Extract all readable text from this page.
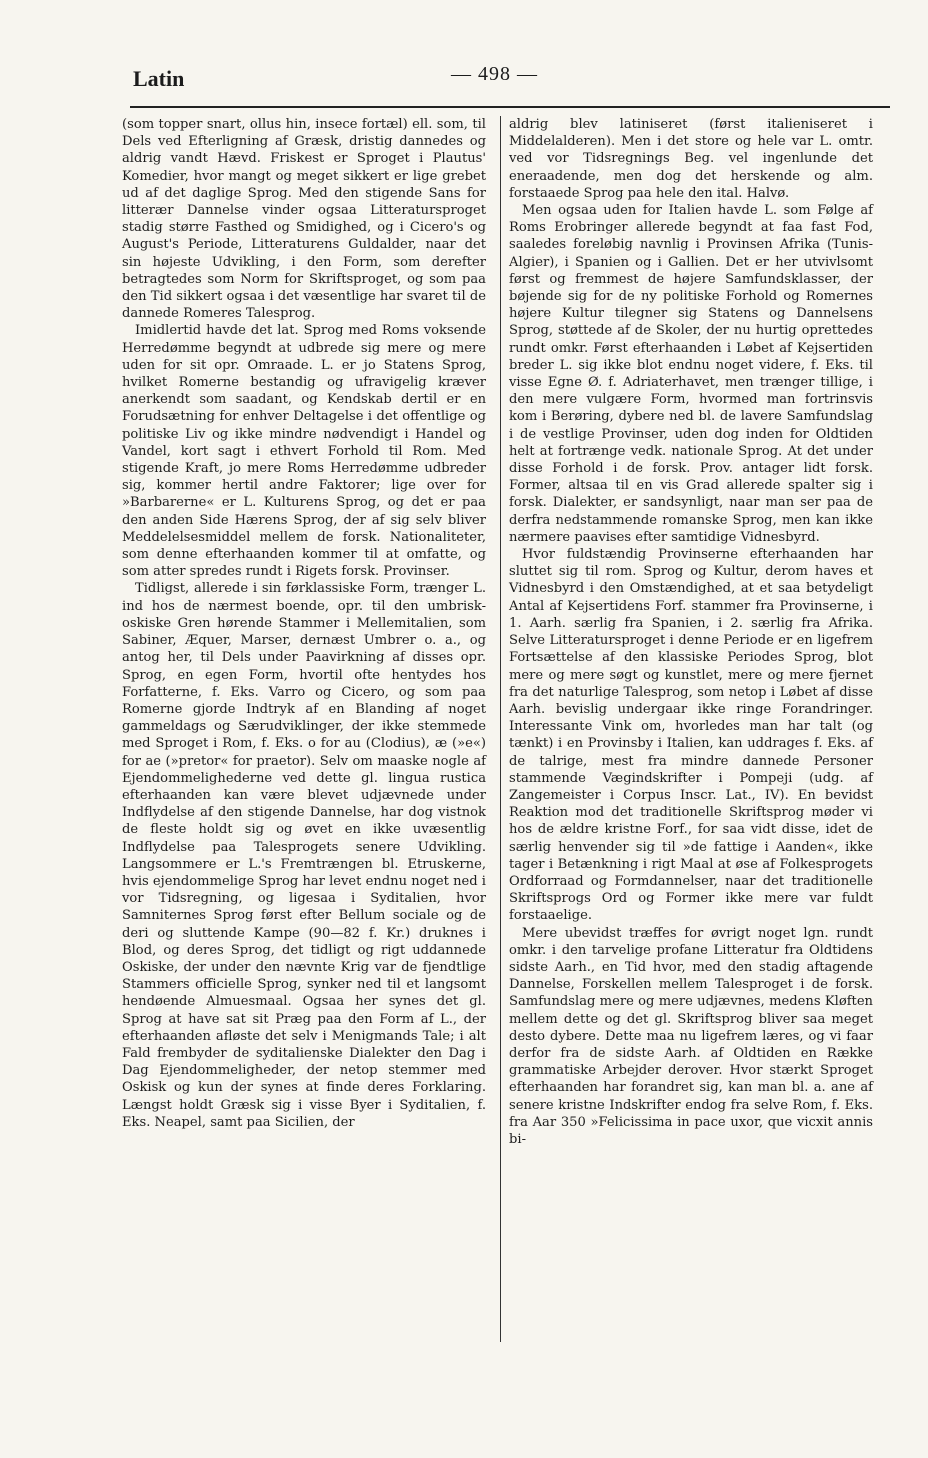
Latin	— 498 —

(som topper snart, ollus hin, insece fortæl) ell. som, til Dels ved Efterligning af Græsk, dristig dannedes og aldrig vandt Hævd. Friskest er Sproget i Plautus' Komedier, hvor mangt og meget sikkert er lige grebet ud af det daglige Sprog. Med den stigende Sans for litterær Dannelse vinder ogsaa Litteratursproget stadig større Fasthed og Smidighed, og i Cicero's og August's Periode, Litteraturens Guldalder, naar det sin højeste Udvikling, i den Form, som derefter betragtedes som Norm for Skriftsproget, og som paa den Tid sikkert ogsaa i det væsentlige har svaret til de dannede Romeres Talesprog.

Imidlertid havde det lat. Sprog med Roms voksende Herredømme begyndt at udbrede sig mere og mere uden for sit opr. Omraade. L. er jo Statens Sprog, hvilket Romerne bestandig og ufravigelig kræver anerkendt som saadant, og Kendskab dertil er en Forudsætning for enhver Deltagelse i det offentlige og politiske Liv og ikke mindre nødvendigt i Handel og Vandel, kort sagt i ethvert Forhold til Rom. Med stigende Kraft, jo mere Roms Herredømme udbreder sig, kommer hertil andre Faktorer; lige over for »Barbarerne« er L. Kulturens Sprog, og det er paa den anden Side Hærens Sprog, der af sig selv bliver Meddelelsesmiddel mellem de forsk. Nationaliteter, som denne efterhaanden kommer til at omfatte, og som atter spredes rundt i Rigets forsk. Provinser.

Tidligst, allerede i sin førklassiske Form, trænger L. ind hos de nærmest boende, opr. til den umbrisk-oskiske Gren hørende Stammer i Mellemitalien, som Sabiner, Æquer, Marser, dernæst Umbrer o. a., og antog her, til Dels under Paavirkning af disses opr. Sprog, en egen Form, hvortil ofte hentydes hos Forfatterne, f. Eks. Varro og Cicero, og som paa Romerne gjorde Indtryk af en Blanding af noget gammeldags og Særudviklinger, der ikke stemmede med Sproget i Rom, f. Eks. o for au (Clodius), æ (»e«) for ae (»pretor« for praetor). Selv om maaske nogle af Ejendommelighederne ved dette gl. lingua rustica efterhaanden kan være blevet udjævnede under Indflydelse af den stigende Dannelse, har dog vistnok de fleste holdt sig og øvet en ikke uvæsentlig Indflydelse paa Talesprogets senere Udvikling. Langsommere er L.'s Fremtrængen bl. Etruskerne, hvis ejendommelige Sprog har levet endnu noget ned i vor Tidsregning, og ligesaa i Syditalien, hvor Samniternes Sprog først efter Bellum sociale og de deri og sluttende Kampe (90—82 f. Kr.) druknes i Blod, og deres Sprog, det tidligt og rigt uddannede Oskiske, der under den nævnte Krig var de fjendtlige Stammers officielle Sprog, synker ned til et langsomt hendøende Almuesmaal. Ogsaa her synes det gl. Sprog at have sat sit Præg paa den Form af L., der efterhaanden afløste det selv i Menigmands Tale; i alt Fald frembyder de syditalienske Dialekter den Dag i Dag Ejendommeligheder, der netop stemmer med Oskisk og kun der synes at finde deres Forklaring. Længst holdt Græsk sig i visse Byer i Syditalien, f. Eks. Neapel, samt paa Sicilien, der

aldrig blev latiniseret (først italieniseret i Middelalderen). Men i det store og hele var L. omtr. ved vor Tidsregnings Beg. vel ingenlunde det eneraadende, men dog det herskende og alm. forstaaede Sprog paa hele den ital. Halvø.

Men ogsaa uden for Italien havde L. som Følge af Roms Erobringer allerede begyndt at faa fast Fod, saaledes foreløbig navnlig i Provinsen Afrika (Tunis-Algier), i Spanien og i Gallien. Det er her utvivlsomt først og fremmest de højere Samfundsklasser, der bøjende sig for de ny politiske Forhold og Romernes højere Kultur tilegner sig Statens og Dannelsens Sprog, støttede af de Skoler, der nu hurtig oprettedes rundt omkr. Først efterhaanden i Løbet af Kejsertiden breder L. sig ikke blot endnu noget videre, f. Eks. til visse Egne Ø. f. Adriaterhavet, men trænger tillige, i den mere vulgære Form, hvormed man fortrinsvis kom i Berøring, dybere ned bl. de lavere Samfundslag i de vestlige Provinser, uden dog inden for Oldtiden helt at fortrænge vedk. nationale Sprog. At det under disse Forhold i de forsk. Prov. antager lidt forsk. Former, altsaa til en vis Grad allerede spalter sig i forsk. Dialekter, er sandsynligt, naar man ser paa de derfra nedstammende romanske Sprog, men kan ikke nærmere paavises efter samtidige Vidnesbyrd.

Hvor fuldstændig Provinserne efterhaanden har sluttet sig til rom. Sprog og Kultur, derom haves et Vidnesbyrd i den Omstændighed, at et saa betydeligt Antal af Kejsertidens Forf. stammer fra Provinserne, i 1. Aarh. særlig fra Spanien, i 2. særlig fra Afrika. Selve Litteratursproget i denne Periode er en ligefrem Fortsættelse af den klassiske Periodes Sprog, blot mere og mere søgt og kunstlet, mere og mere fjernet fra det naturlige Talesprog, som netop i Løbet af disse Aarh. bevislig undergaar ikke ringe Forandringer. Interessante Vink om, hvorledes man har talt (og tænkt) i en Provinsby i Italien, kan uddrages f. Eks. af de talrige, mest fra mindre dannede Personer stammende Vægindskrifter i Pompeji (udg. af Zangemeister i Corpus Inscr. Lat., IV). En bevidst Reaktion mod det traditionelle Skriftsprog møder vi hos de ældre kristne Forf., for saa vidt disse, idet de særlig henvender sig til »de fattige i Aanden«, ikke tager i Betænkning i rigt Maal at øse af Folkesprogets Ordforraad og Formdannelser, naar det traditionelle Skriftsprogs Ord og Former ikke mere var fuldt forstaaelige.

Mere ubevidst træffes for øvrigt noget lgn. rundt omkr. i den tarvelige profane Litteratur fra Oldtidens sidste Aarh., en Tid hvor, med den stadig aftagende Dannelse, Forskellen mellem Talesproget i de forsk. Samfundslag mere og mere udjævnes, medens Kløften mellem dette og det gl. Skriftsprog bliver saa meget desto dybere. Dette maa nu ligefrem læres, og vi faar derfor fra de sidste Aarh. af Oldtiden en Række grammatiske Arbejder derover. Hvor stærkt Sproget efterhaanden har forandret sig, kan man bl. a. ane af senere kristne Indskrifter endog fra selve Rom, f. Eks. fra Aar 350 »Felicissima in pace uxor, que vicxit annis bi-
